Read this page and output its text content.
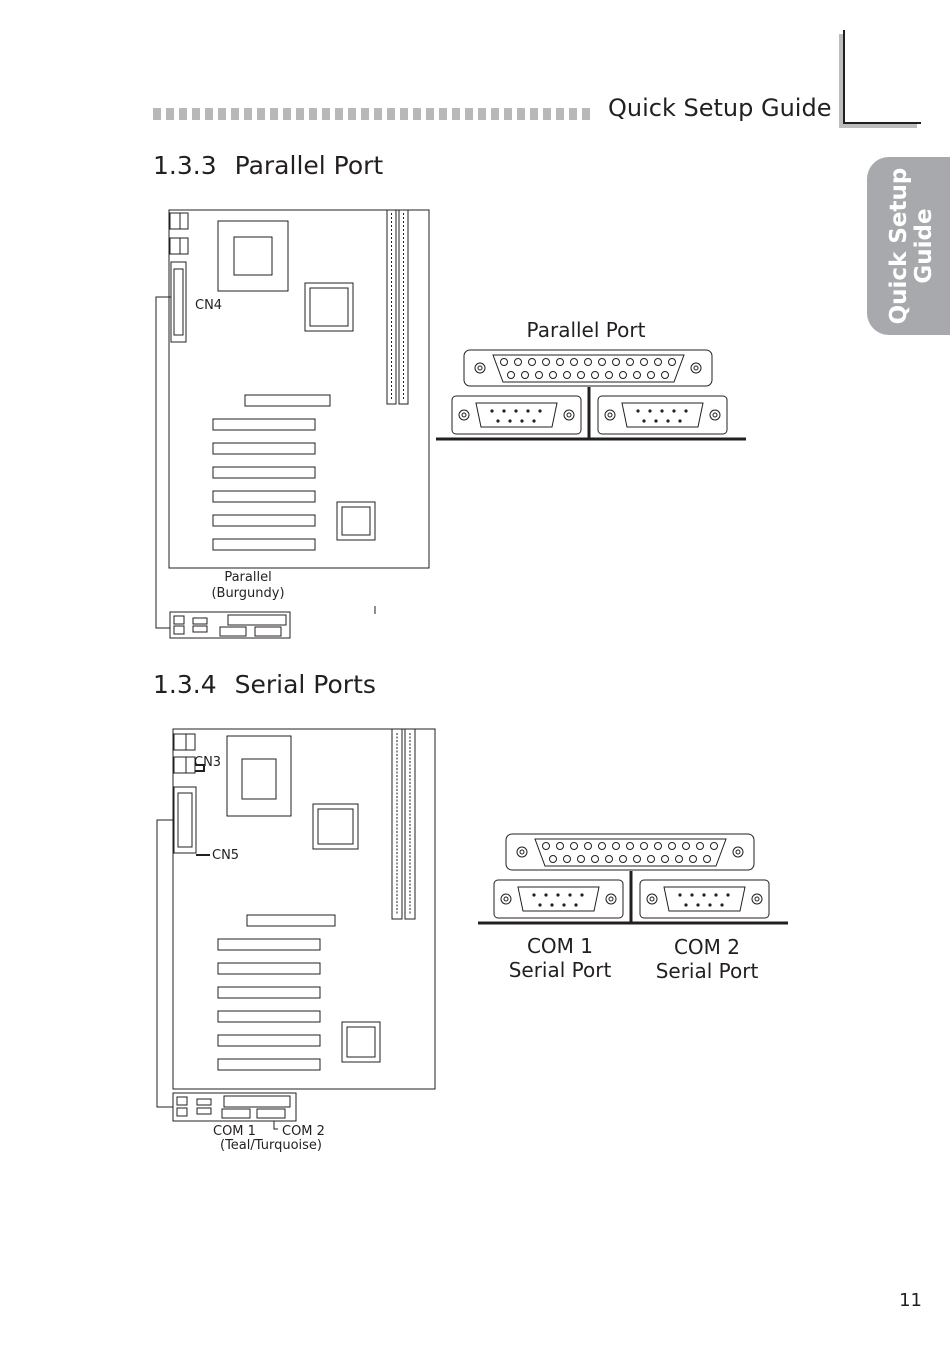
Quick Setup Guide
Quick Setup Guide
1.3.3 Parallel Port
CN4
Parallel
(Burgundy)
Parallel Port
1.3.4 Serial Ports
CN3
CN5
COM 1 COM 2
(Teal/Turquoise)
COM 1
Serial Port
COM 2
Serial Port
11
